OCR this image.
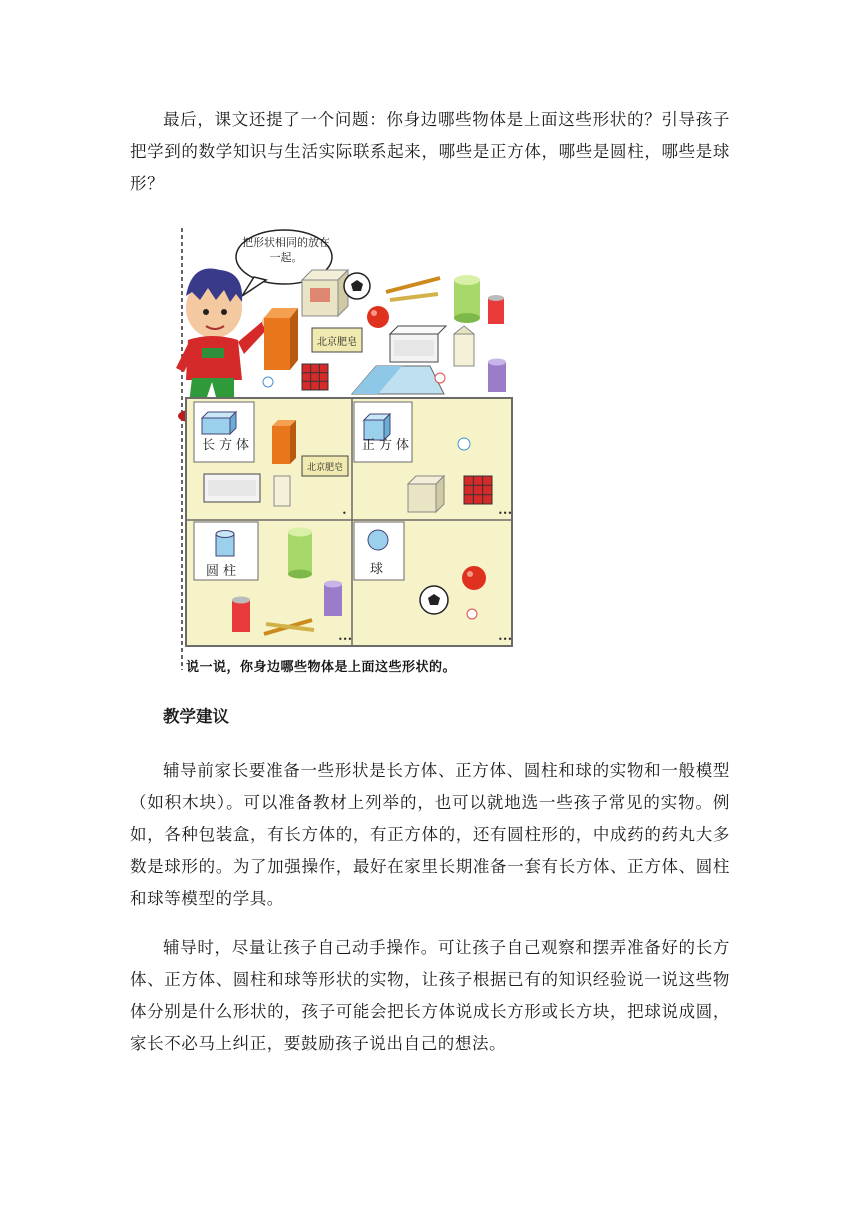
最后，课文还提了一个问题：你身边哪些物体是上面这些形状的？引导孩子把学到的数学知识与生活实际联系起来，哪些是正方体，哪些是圆柱，哪些是球形？

北京肥皂
北京肥皂
•	•••
•••	•••
把形状相同的放在一起。
长方体	正方体
圆柱	球
说一说，你身边哪些物体是上面这些形状的。
教学建议

辅导前家长要准备一些形状是长方体、正方体、圆柱和球的实物和一般模型（如积木块）。可以准备教材上列举的，也可以就地选一些孩子常见的实物。例如，各种包装盒，有长方体的，有正方体的，还有圆柱形的，中成药的药丸大多数是球形的。为了加强操作，最好在家里长期准备一套有长方体、正方体、圆柱和球等模型的学具。

辅导时，尽量让孩子自己动手操作。可让孩子自己观察和摆弄准备好的长方体、正方体、圆柱和球等形状的实物，让孩子根据已有的知识经验说一说这些物体分别是什么形状的，孩子可能会把长方体说成长方形或长方块，把球说成圆，家长不必马上纠正，要鼓励孩子说出自己的想法。
